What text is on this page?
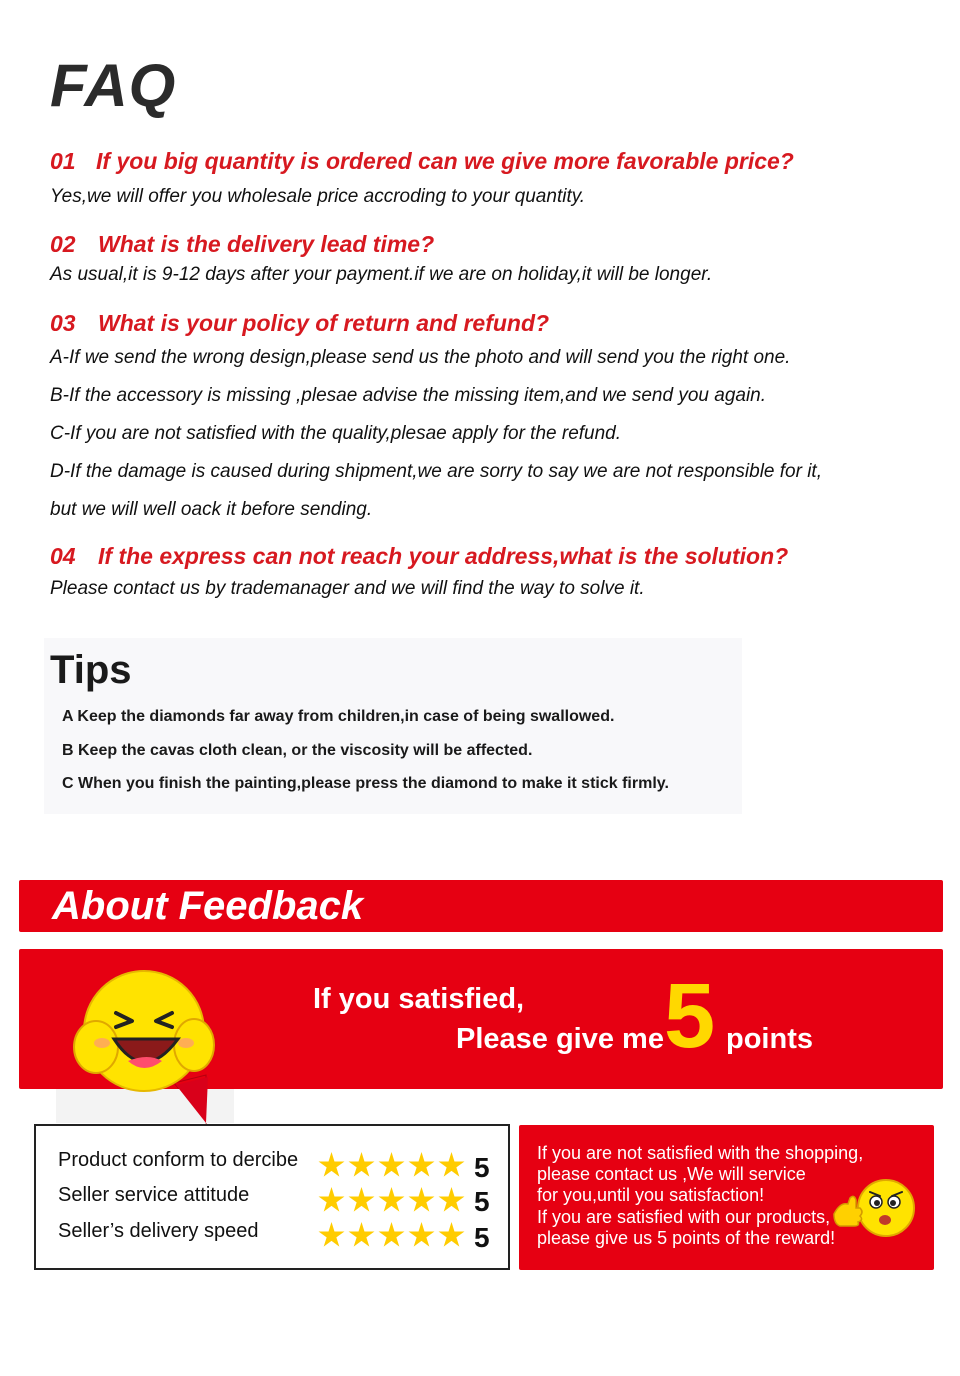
FAQ
01 If you big quantity is ordered can we give more favorable price?
Yes,we will offer you wholesale price accroding to your quantity.
02 What is the delivery lead time?
As usual,it is 9-12 days after your payment.if we are on holiday,it will be longer.
03 What is your policy of return and refund?
A-If we send the wrong design,please send us the photo and will send you the right one.
B-If the accessory is missing ,plesae advise the missing item,and we send you again.
C-If you are not satisfied with the quality,plesae apply for the refund.
D-If the damage is caused during shipment,we are sorry to say we are not responsible for it,
but we will well oack it before sending.
04 If the express can not reach your address,what is the solution?
Please contact us by trademanager and we will find the way to solve it.
Tips
A Keep the diamonds far away from children,in case of being swallowed.
B Keep the cavas cloth clean, or the viscosity will be affected.
C When you finish the painting,please press the diamond to make it stick firmly.
About Feedback
If you satisfied,
Please give me 5 points
Product conform to dercibe	5
Seller service attitude	5
Seller’s delivery speed	5
If you are not satisfied with the shopping,
please contact us ,We will service
for you,until you satisfaction!
If you are satisfied with our products,
please give us 5 points of the reward!
